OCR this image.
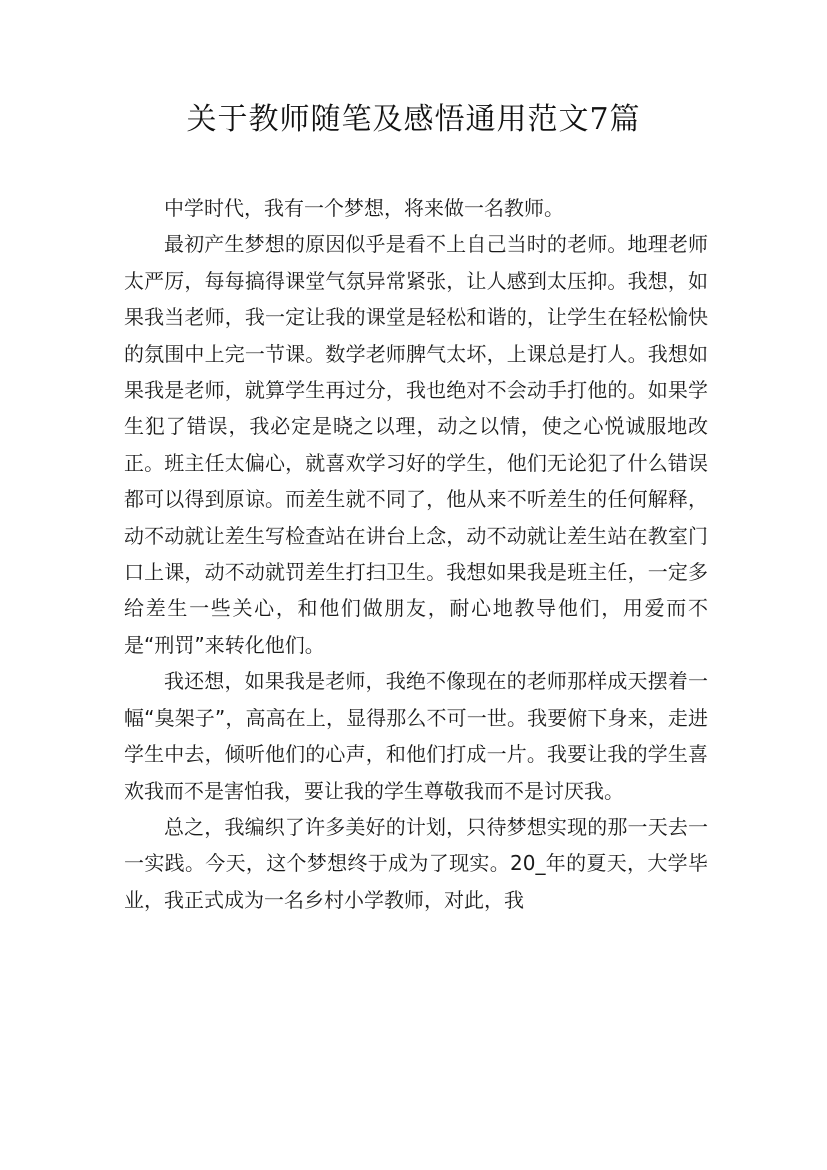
关于教师随笔及感悟通用范文7篇

中学时代，我有一个梦想，将来做一名教师。

最初产生梦想的原因似乎是看不上自己当时的老师。地理老师太严厉，每每搞得课堂气氛异常紧张，让人感到太压抑。我想，如果我当老师，我一定让我的课堂是轻松和谐的，让学生在轻松愉快的氛围中上完一节课。数学老师脾气太坏，上课总是打人。我想如果我是老师，就算学生再过分，我也绝对不会动手打他的。如果学生犯了错误，我必定是晓之以理，动之以情，使之心悦诚服地改正。班主任太偏心，就喜欢学习好的学生，他们无论犯了什么错误都可以得到原谅。而差生就不同了，他从来不听差生的任何解释，动不动就让差生写检查站在讲台上念，动不动就让差生站在教室门口上课，动不动就罚差生打扫卫生。我想如果我是班主任，一定多给差生一些关心，和他们做朋友，耐心地教导他们，用爱而不是“刑罚”来转化他们。

我还想，如果我是老师，我绝不像现在的老师那样成天摆着一幅“臭架子”，高高在上，显得那么不可一世。我要俯下身来，走进学生中去，倾听他们的心声，和他们打成一片。我要让我的学生喜欢我而不是害怕我，要让我的学生尊敬我而不是讨厌我。

总之，我编织了许多美好的计划，只待梦想实现的那一天去一一实践。今天，这个梦想终于成为了现实。20_年的夏天，大学毕业，我正式成为一名乡村小学教师，对此，我
